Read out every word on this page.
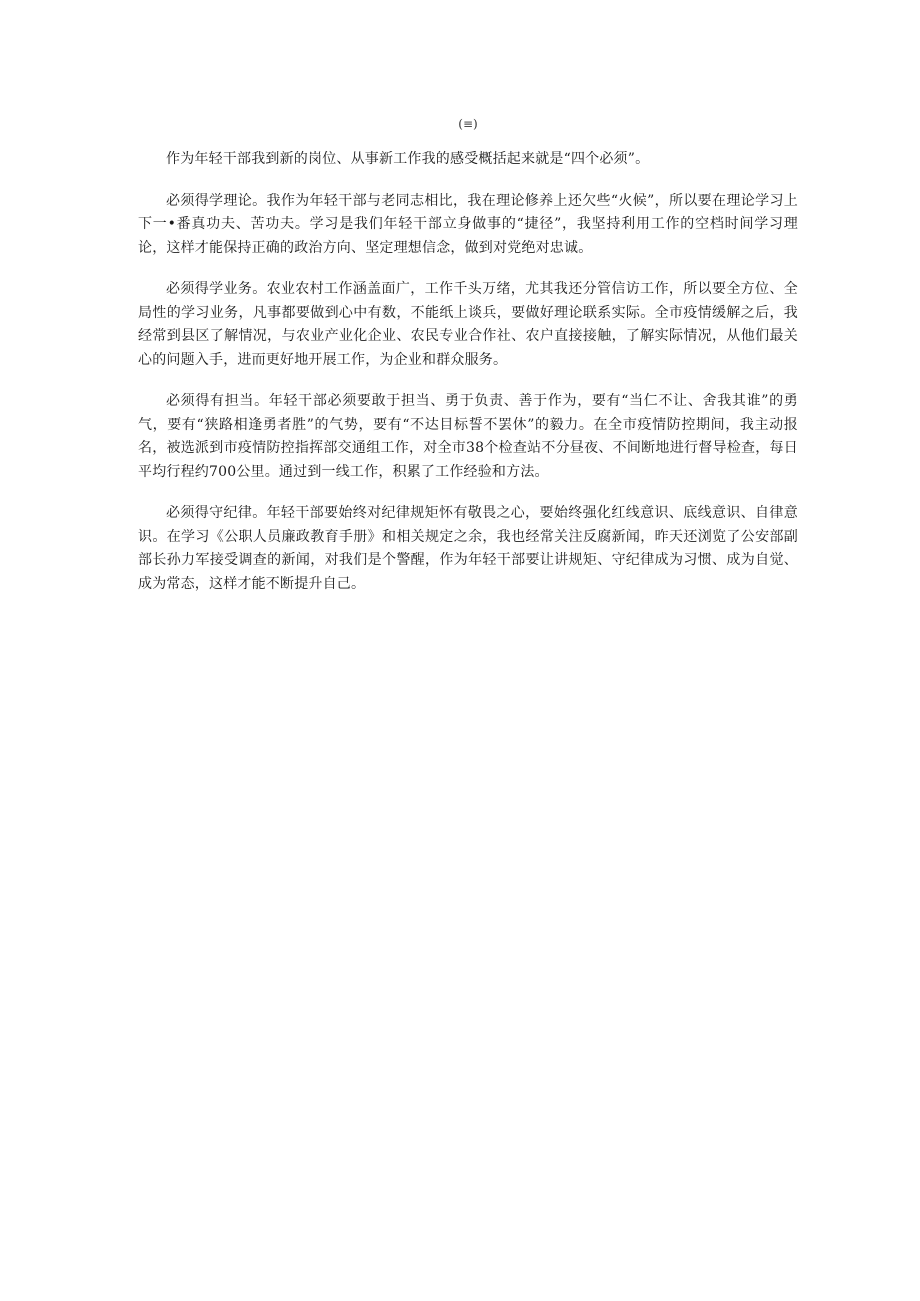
(≡)

作为年轻干部我到新的岗位、从事新工作我的感受概括起来就是“四个必须”。

必须得学理论。我作为年轻干部与老同志相比，我在理论修养上还欠些“火候”，所以要在理论学习上下一•番真功夫、苦功夫。学习是我们年轻干部立身做事的“捷径”，我坚持利用工作的空档时间学习理论，这样才能保持正确的政治方向、坚定理想信念，做到对党绝对忠诚。

必须得学业务。农业农村工作涵盖面广，工作千头万绪，尤其我还分管信访工作，所以要全方位、全局性的学习业务，凡事都要做到心中有数，不能纸上谈兵，要做好理论联系实际。全市疫情缓解之后，我经常到县区了解情况，与农业产业化企业、农民专业合作社、农户直接接触，了解实际情况，从他们最关心的问题入手，进而更好地开展工作，为企业和群众服务。

必须得有担当。年轻干部必须要敢于担当、勇于负责、善于作为，要有“当仁不让、舍我其谁”的勇气，要有“狭路相逢勇者胜”的气势，要有“不达目标誓不罢休”的毅力。在全市疫情防控期间，我主动报名，被选派到市疫情防控指挥部交通组工作，对全市38个检查站不分昼夜、不间断地进行督导检查，每日平均行程约700公里。通过到一线工作，积累了工作经验和方法。

必须得守纪律。年轻干部要始终对纪律规矩怀有敬畏之心，要始终强化红线意识、底线意识、自律意识。在学习《公职人员廉政教育手册》和相关规定之余，我也经常关注反腐新闻，昨天还浏览了公安部副部长孙力军接受调查的新闻，对我们是个警醒，作为年轻干部要让讲规矩、守纪律成为习惯、成为自觉、成为常态，这样才能不断提升自己。
